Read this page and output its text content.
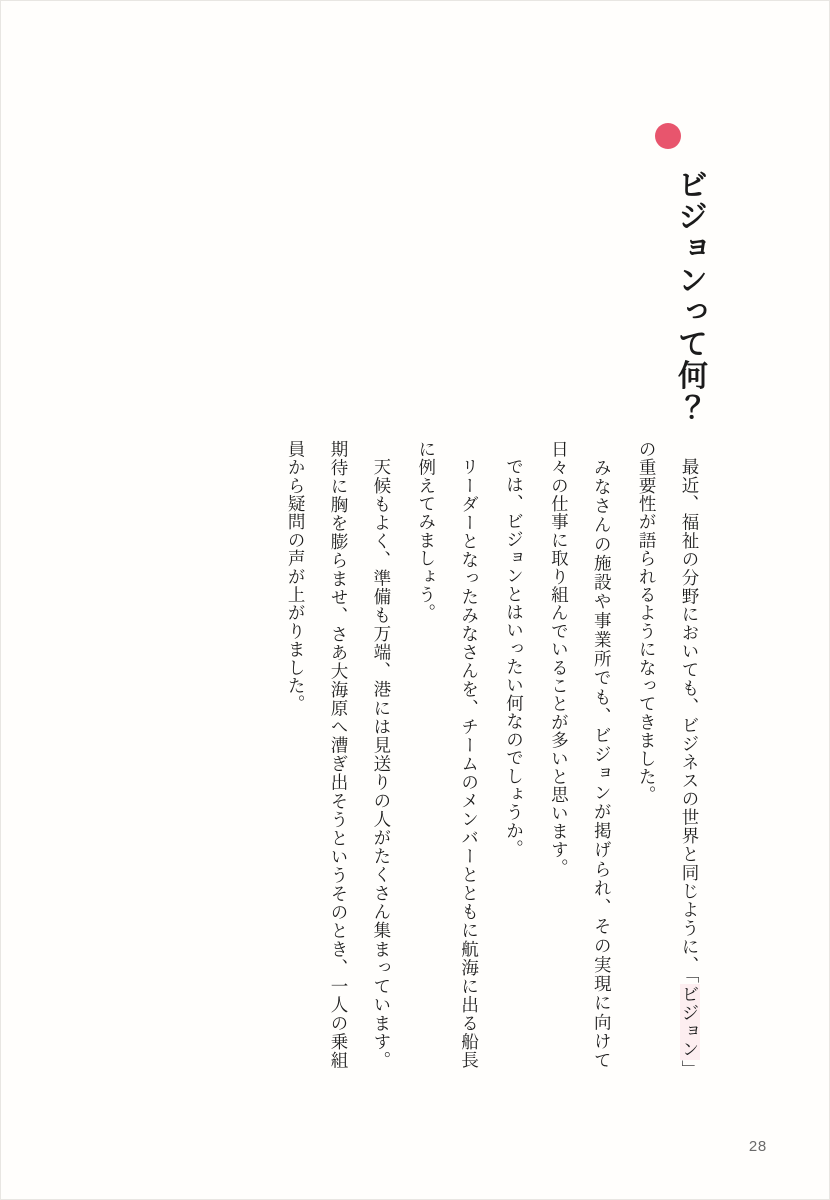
ビジョンって何？

最近、福祉の分野においても、ビジネスの世界と同じように、「ビジョン」の重要性が語られるようになってきました。

みなさんの施設や事業所でも、ビジョンが掲げられ、その実現に向けて日々の仕事に取り組んでいることが多いと思います。

では、ビジョンとはいったい何なのでしょうか。

リーダーとなったみなさんを、チームのメンバーとともに航海に出る船長に例えてみましょう。

天候もよく、準備も万端、港には見送りの人がたくさん集まっています。期待に胸を膨らませ、さあ大海原へ漕ぎ出そうというそのとき、一人の乗組員から疑問の声が上がりました。

28
